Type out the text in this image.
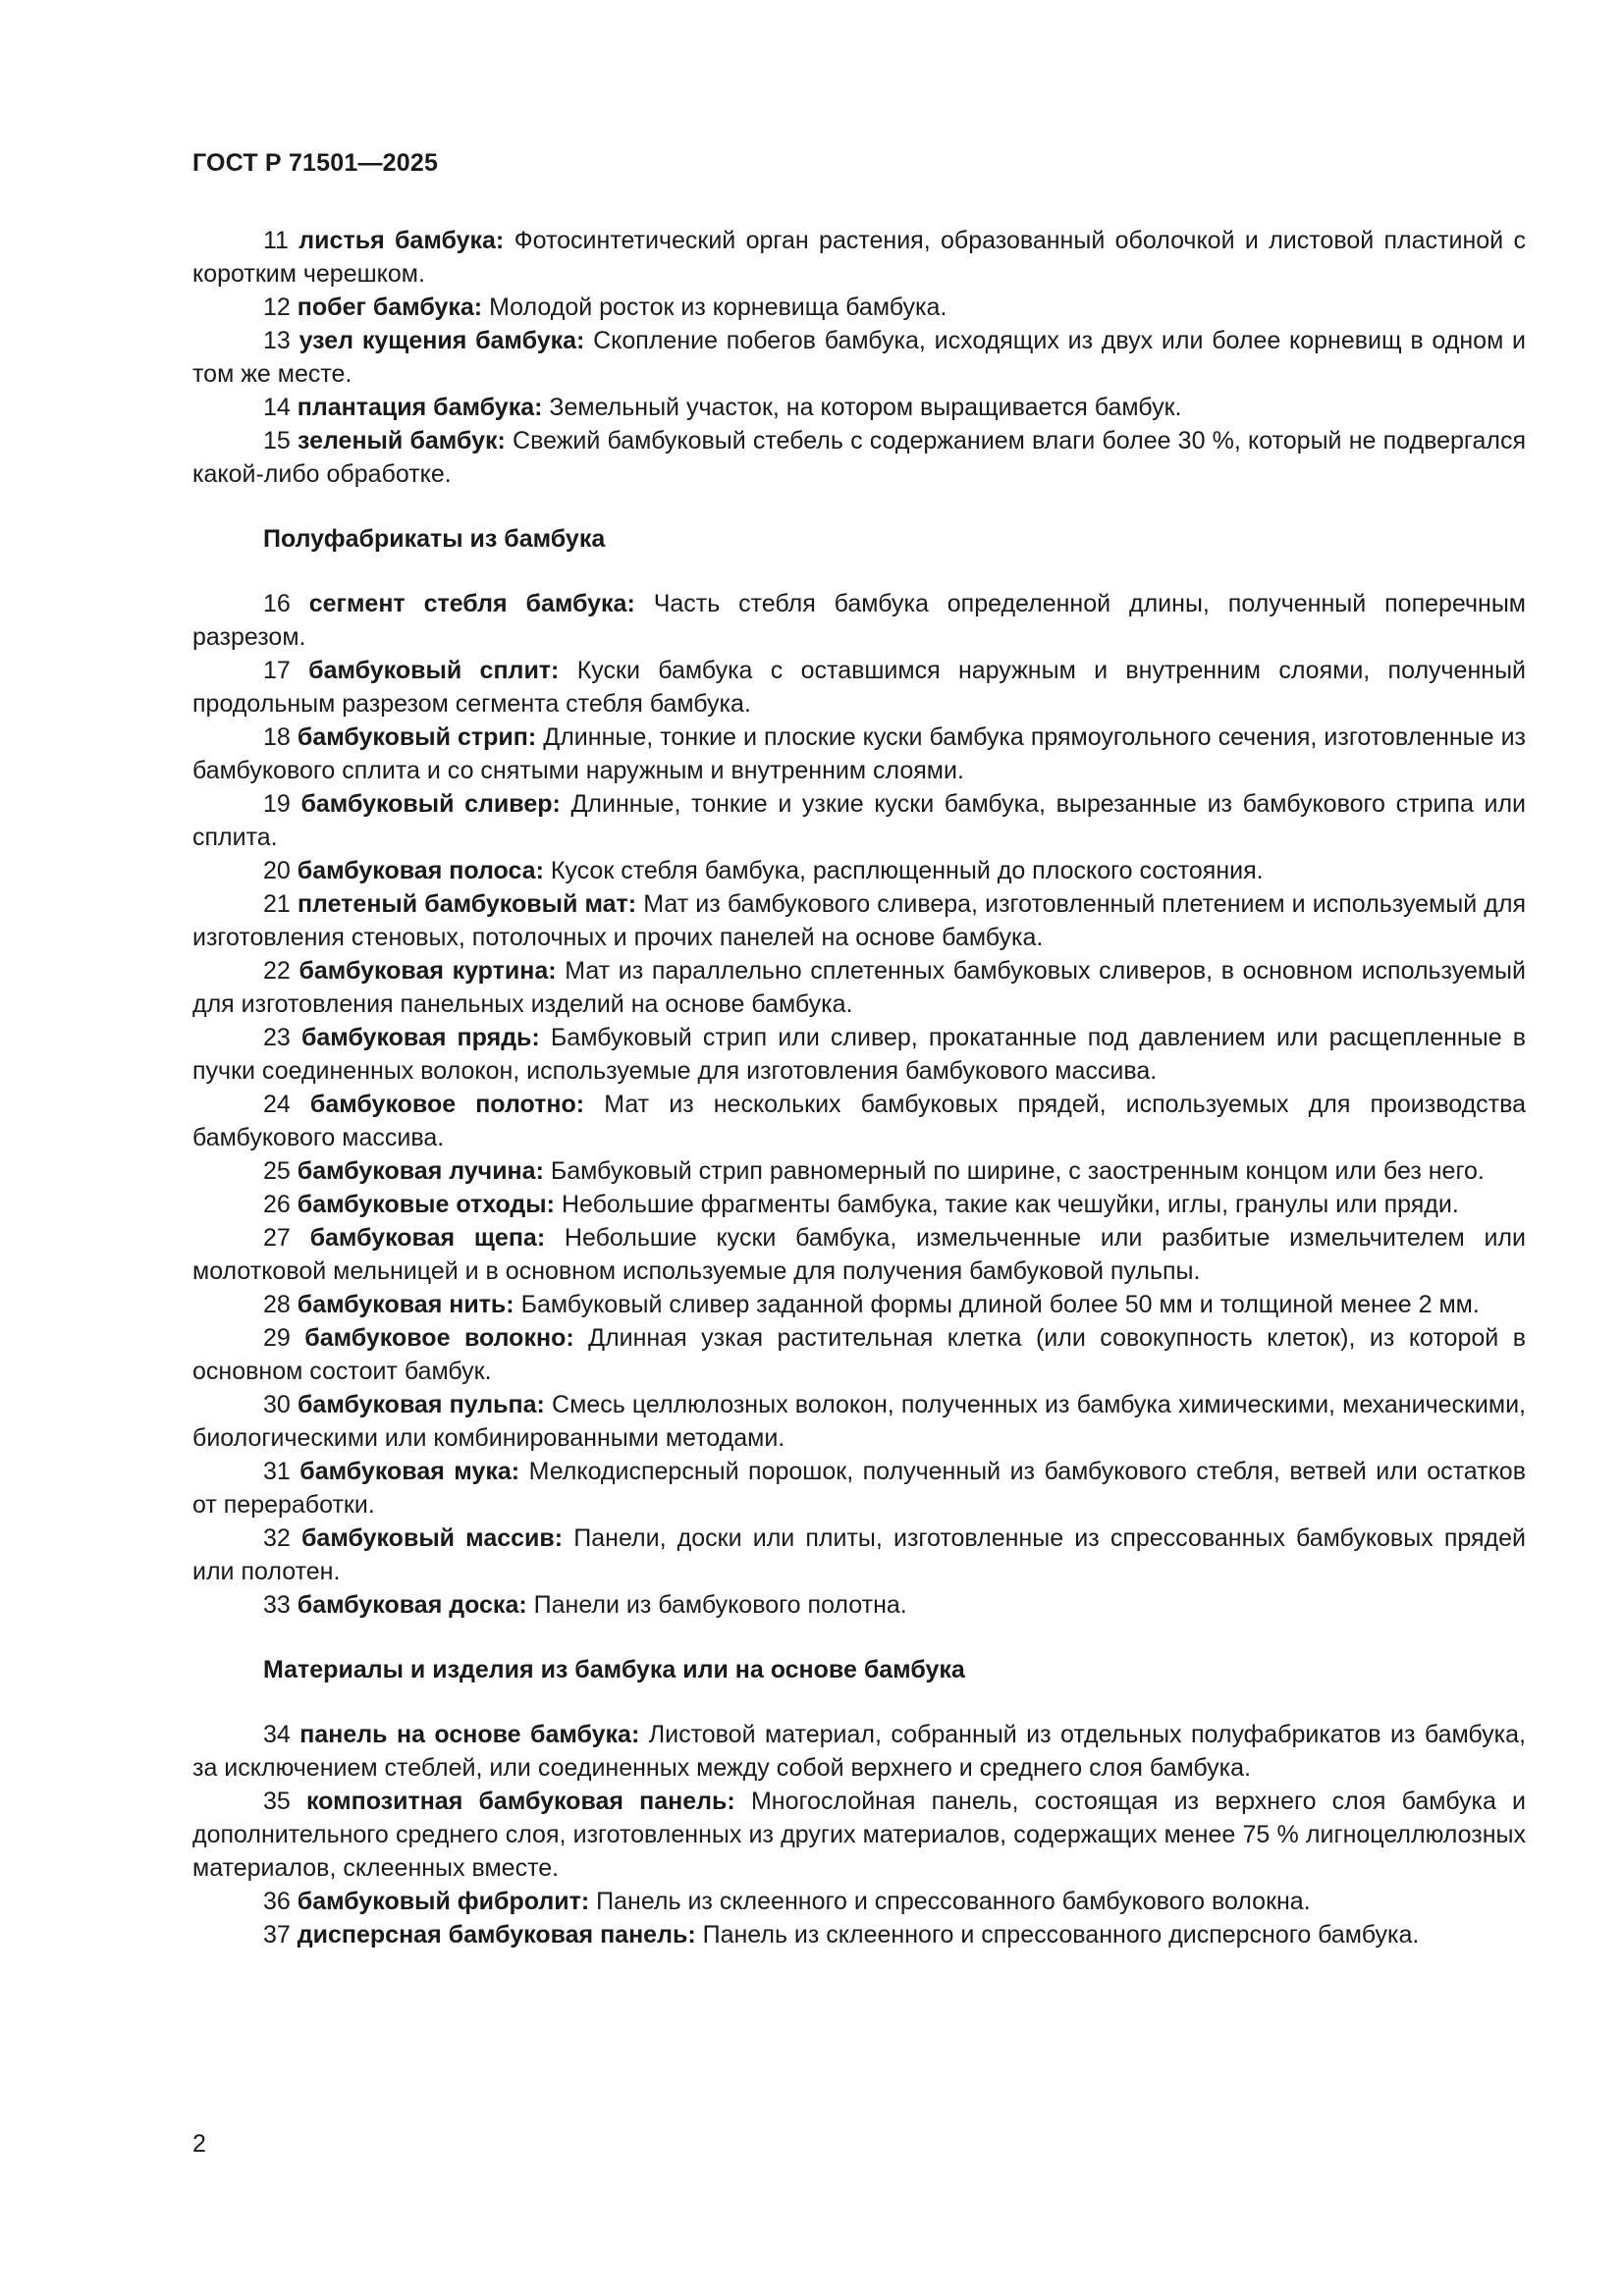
ГОСТ Р 71501—2025

11 листья бамбука: Фотосинтетический орган растения, образованный оболочкой и листовой пластиной с коротким черешком.

12 побег бамбука: Молодой росток из корневища бамбука.

13 узел кущения бамбука: Скопление побегов бамбука, исходящих из двух или более корневищ в одном и том же месте.

14 плантация бамбука: Земельный участок, на котором выращивается бамбук.

15 зеленый бамбук: Свежий бамбуковый стебель с содержанием влаги более 30 %, который не подвергался какой-либо обработке.

Полуфабрикаты из бамбука

16 сегмент стебля бамбука: Часть стебля бамбука определенной длины, полученный поперечным разрезом.

17 бамбуковый сплит: Куски бамбука с оставшимся наружным и внутренним слоями, полученный продольным разрезом сегмента стебля бамбука.

18 бамбуковый стрип: Длинные, тонкие и плоские куски бамбука прямоугольного сечения, изготовленные из бамбукового сплита и со снятыми наружным и внутренним слоями.

19 бамбуковый сливер: Длинные, тонкие и узкие куски бамбука, вырезанные из бамбукового стрипа или сплита.

20 бамбуковая полоса: Кусок стебля бамбука, расплющенный до плоского состояния.

21 плетеный бамбуковый мат: Мат из бамбукового сливера, изготовленный плетением и используемый для изготовления стеновых, потолочных и прочих панелей на основе бамбука.

22 бамбуковая куртина: Мат из параллельно сплетенных бамбуковых сливеров, в основном используемый для изготовления панельных изделий на основе бамбука.

23 бамбуковая прядь: Бамбуковый стрип или сливер, прокатанные под давлением или расщепленные в пучки соединенных волокон, используемые для изготовления бамбукового массива.

24 бамбуковое полотно: Мат из нескольких бамбуковых прядей, используемых для производства бамбукового массива.

25 бамбуковая лучина: Бамбуковый стрип равномерный по ширине, с заостренным концом или без него.

26 бамбуковые отходы: Небольшие фрагменты бамбука, такие как чешуйки, иглы, гранулы или пряди.

27 бамбуковая щепа: Небольшие куски бамбука, измельченные или разбитые измельчителем или молотковой мельницей и в основном используемые для получения бамбуковой пульпы.

28 бамбуковая нить: Бамбуковый сливер заданной формы длиной более 50 мм и толщиной менее 2 мм.

29 бамбуковое волокно: Длинная узкая растительная клетка (или совокупность клеток), из которой в основном состоит бамбук.

30 бамбуковая пульпа: Смесь целлюлозных волокон, полученных из бамбука химическими, механическими, биологическими или комбинированными методами.

31 бамбуковая мука: Мелкодисперсный порошок, полученный из бамбукового стебля, ветвей или остатков от переработки.

32 бамбуковый массив: Панели, доски или плиты, изготовленные из спрессованных бамбуковых прядей или полотен.

33 бамбуковая доска: Панели из бамбукового полотна.

Материалы и изделия из бамбука или на основе бамбука

34 панель на основе бамбука: Листовой материал, собранный из отдельных полуфабрикатов из бамбука, за исключением стеблей, или соединенных между собой верхнего и среднего слоя бамбука.

35 композитная бамбуковая панель: Многослойная панель, состоящая из верхнего слоя бамбука и дополнительного среднего слоя, изготовленных из других материалов, содержащих менее 75 % лигноцеллюлозных материалов, склеенных вместе.

36 бамбуковый фибролит: Панель из склеенного и спрессованного бамбукового волокна.

37 дисперсная бамбуковая панель: Панель из склеенного и спрессованного дисперсного бамбука.

2
